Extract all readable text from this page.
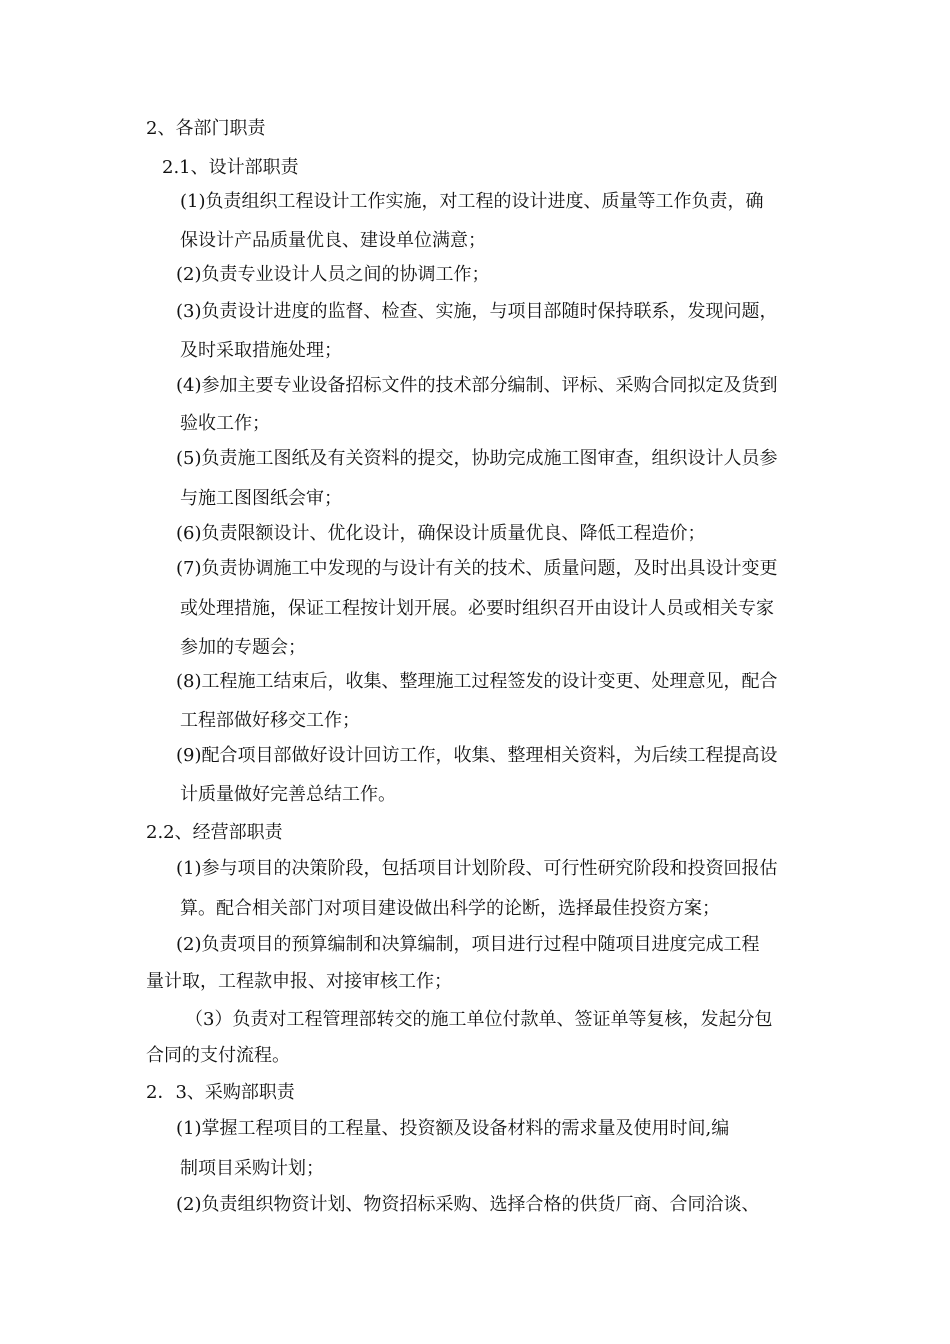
2、各部门职责
2.1、设计部职责
(1)负责组织工程设计工作实施，对工程的设计进度、质量等工作负责，确
保设计产品质量优良、建设单位满意；
(2)负责专业设计人员之间的协调工作；
(3)负责设计进度的监督、检查、实施，与项目部随时保持联系，发现问题，
及时采取措施处理；
(4)参加主要专业设备招标文件的技术部分编制、评标、采购合同拟定及货到
验收工作；
(5)负责施工图纸及有关资料的提交，协助完成施工图审查，组织设计人员参
与施工图图纸会审；
(6)负责限额设计、优化设计，确保设计质量优良、降低工程造价；
(7)负责协调施工中发现的与设计有关的技术、质量问题，及时出具设计变更
或处理措施，保证工程按计划开展。必要时组织召开由设计人员或相关专家
参加的专题会；
(8)工程施工结束后，收集、整理施工过程签发的设计变更、处理意见，配合
工程部做好移交工作；
(9)配合项目部做好设计回访工作，收集、整理相关资料，为后续工程提高设
计质量做好完善总结工作。
2.2、经营部职责
(1)参与项目的决策阶段，包括项目计划阶段、可行性研究阶段和投资回报估
算。配合相关部门对项目建设做出科学的论断，选择最佳投资方案；
(2)负责项目的预算编制和决算编制，项目进行过程中随项目进度完成工程
量计取，工程款申报、对接审核工作；
（3）负责对工程管理部转交的施工单位付款单、签证单等复核，发起分包
合同的支付流程。
2．3、采购部职责
(1)掌握工程项目的工程量、投资额及设备材料的需求量及使用时间,编
制项目采购计划；
(2)负责组织物资计划、物资招标采购、选择合格的供货厂商、合同洽谈、
